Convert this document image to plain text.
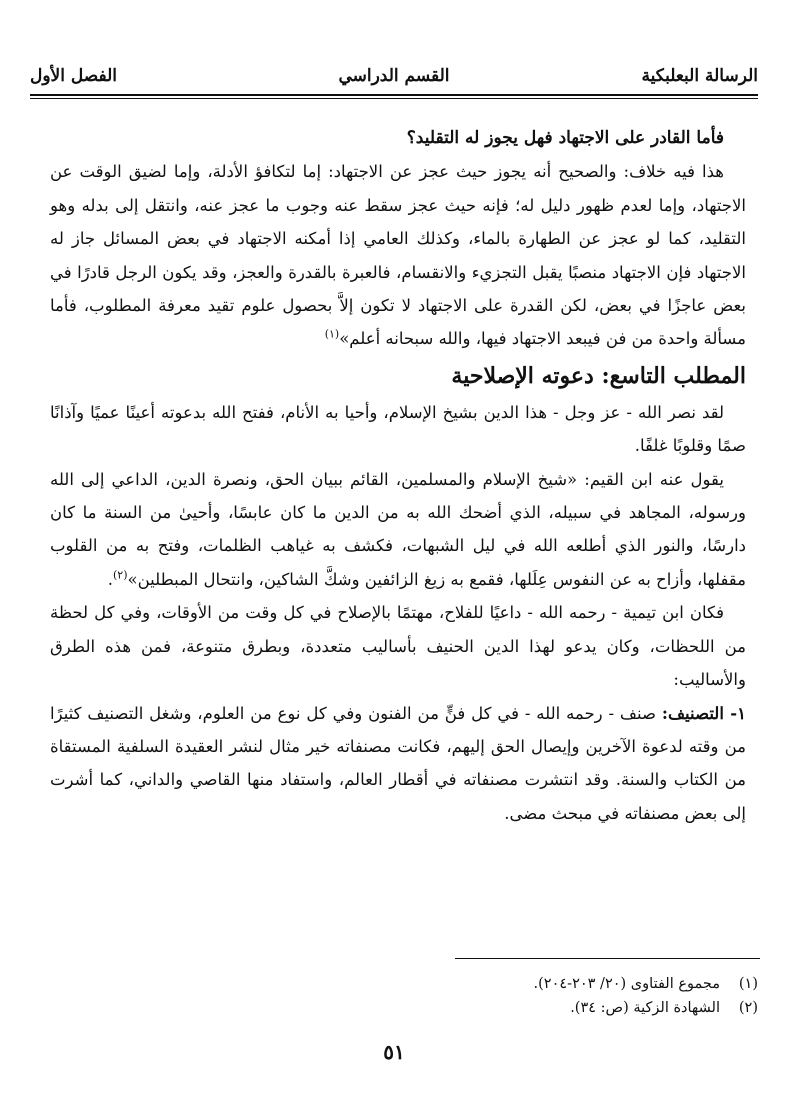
الرسالة البعلبكية
القسم الدراسي
الفصل الأول

فأما القادر على الاجتهاد فهل يجوز له التقليد؟

هذا فيه خلاف: والصحيح أنه يجوز حيث عجز عن الاجتهاد: إما لتكافؤ الأدلة، وإما لضيق الوقت عن الاجتهاد، وإما لعدم ظهور دليل له؛ فإنه حيث عجز سقط عنه وجوب ما عجز عنه، وانتقل إلى بدله وهو التقليد، كما لو عجز عن الطهارة بالماء، وكذلك العامي إذا أمكنه الاجتهاد في بعض المسائل جاز له الاجتهاد فإن الاجتهاد منصبًا يقبل التجزيء والانقسام، فالعبرة بالقدرة والعجز، وقد يكون الرجل قادرًا في بعض عاجزًا في بعض، لكن القدرة على الاجتهاد لا تكون إلاَّ بحصول علوم تقيد معرفة المطلوب، فأما مسألة واحدة من فن فيبعد الاجتهاد فيها، والله سبحانه أعلم»$^{(١)}$

المطلب التاسع: دعوته الإصلاحية

لقد نصر الله - عز وجل - هذا الدين بشيخ الإسلام، وأحيا به الأنام، ففتح الله بدعوته أعينًا عميًا وآذانًا صمًا وقلوبًا غلفًا.

يقول عنه ابن القيم: «شيخ الإسلام والمسلمين، القائم ببيان الحق، ونصرة الدين، الداعي إلى الله ورسوله، المجاهد في سبيله، الذي أضحك الله به من الدين ما كان عابسًا، وأحيىٰ من السنة ما كان دارسًا، والنور الذي أطلعه الله في ليل الشبهات، فكشف به غياهب الظلمات، وفتح به من القلوب مقفلها، وأزاح به عن النفوس عِلَلها، فقمع به زيغ الزائفين وشكَّ الشاكين، وانتحال المبطلين»$^{(٢)}$.

فكان ابن تيمية - رحمه الله - داعيًا للفلاح، مهتمًا بالإصلاح في كل وقت من الأوقات، وفي كل لحظة من اللحظات، وكان يدعو لهذا الدين الحنيف بأساليب متعددة، وبطرق متنوعة، فمن هذه الطرق والأساليب:

١- التصنيف: صنف - رحمه الله - في كل فنٍّ من الفنون وفي كل نوع من العلوم، وشغل التصنيف كثيرًا من وقته لدعوة الآخرين وإيصال الحق إليهم، فكانت مصنفاته خير مثال لنشر العقيدة السلفية المستقاة من الكتاب والسنة. وقد انتشرت مصنفاته في أقطار العالم، واستفاد منها القاصي والداني، كما أشرت إلى بعض مصنفاته في مبحث مضى.

(١)
مجموع الفتاوى (٢٠/ ٢٠٣-٢٠٤).
(٢)
الشهادة الزكية (ص: ٣٤).
٥١
